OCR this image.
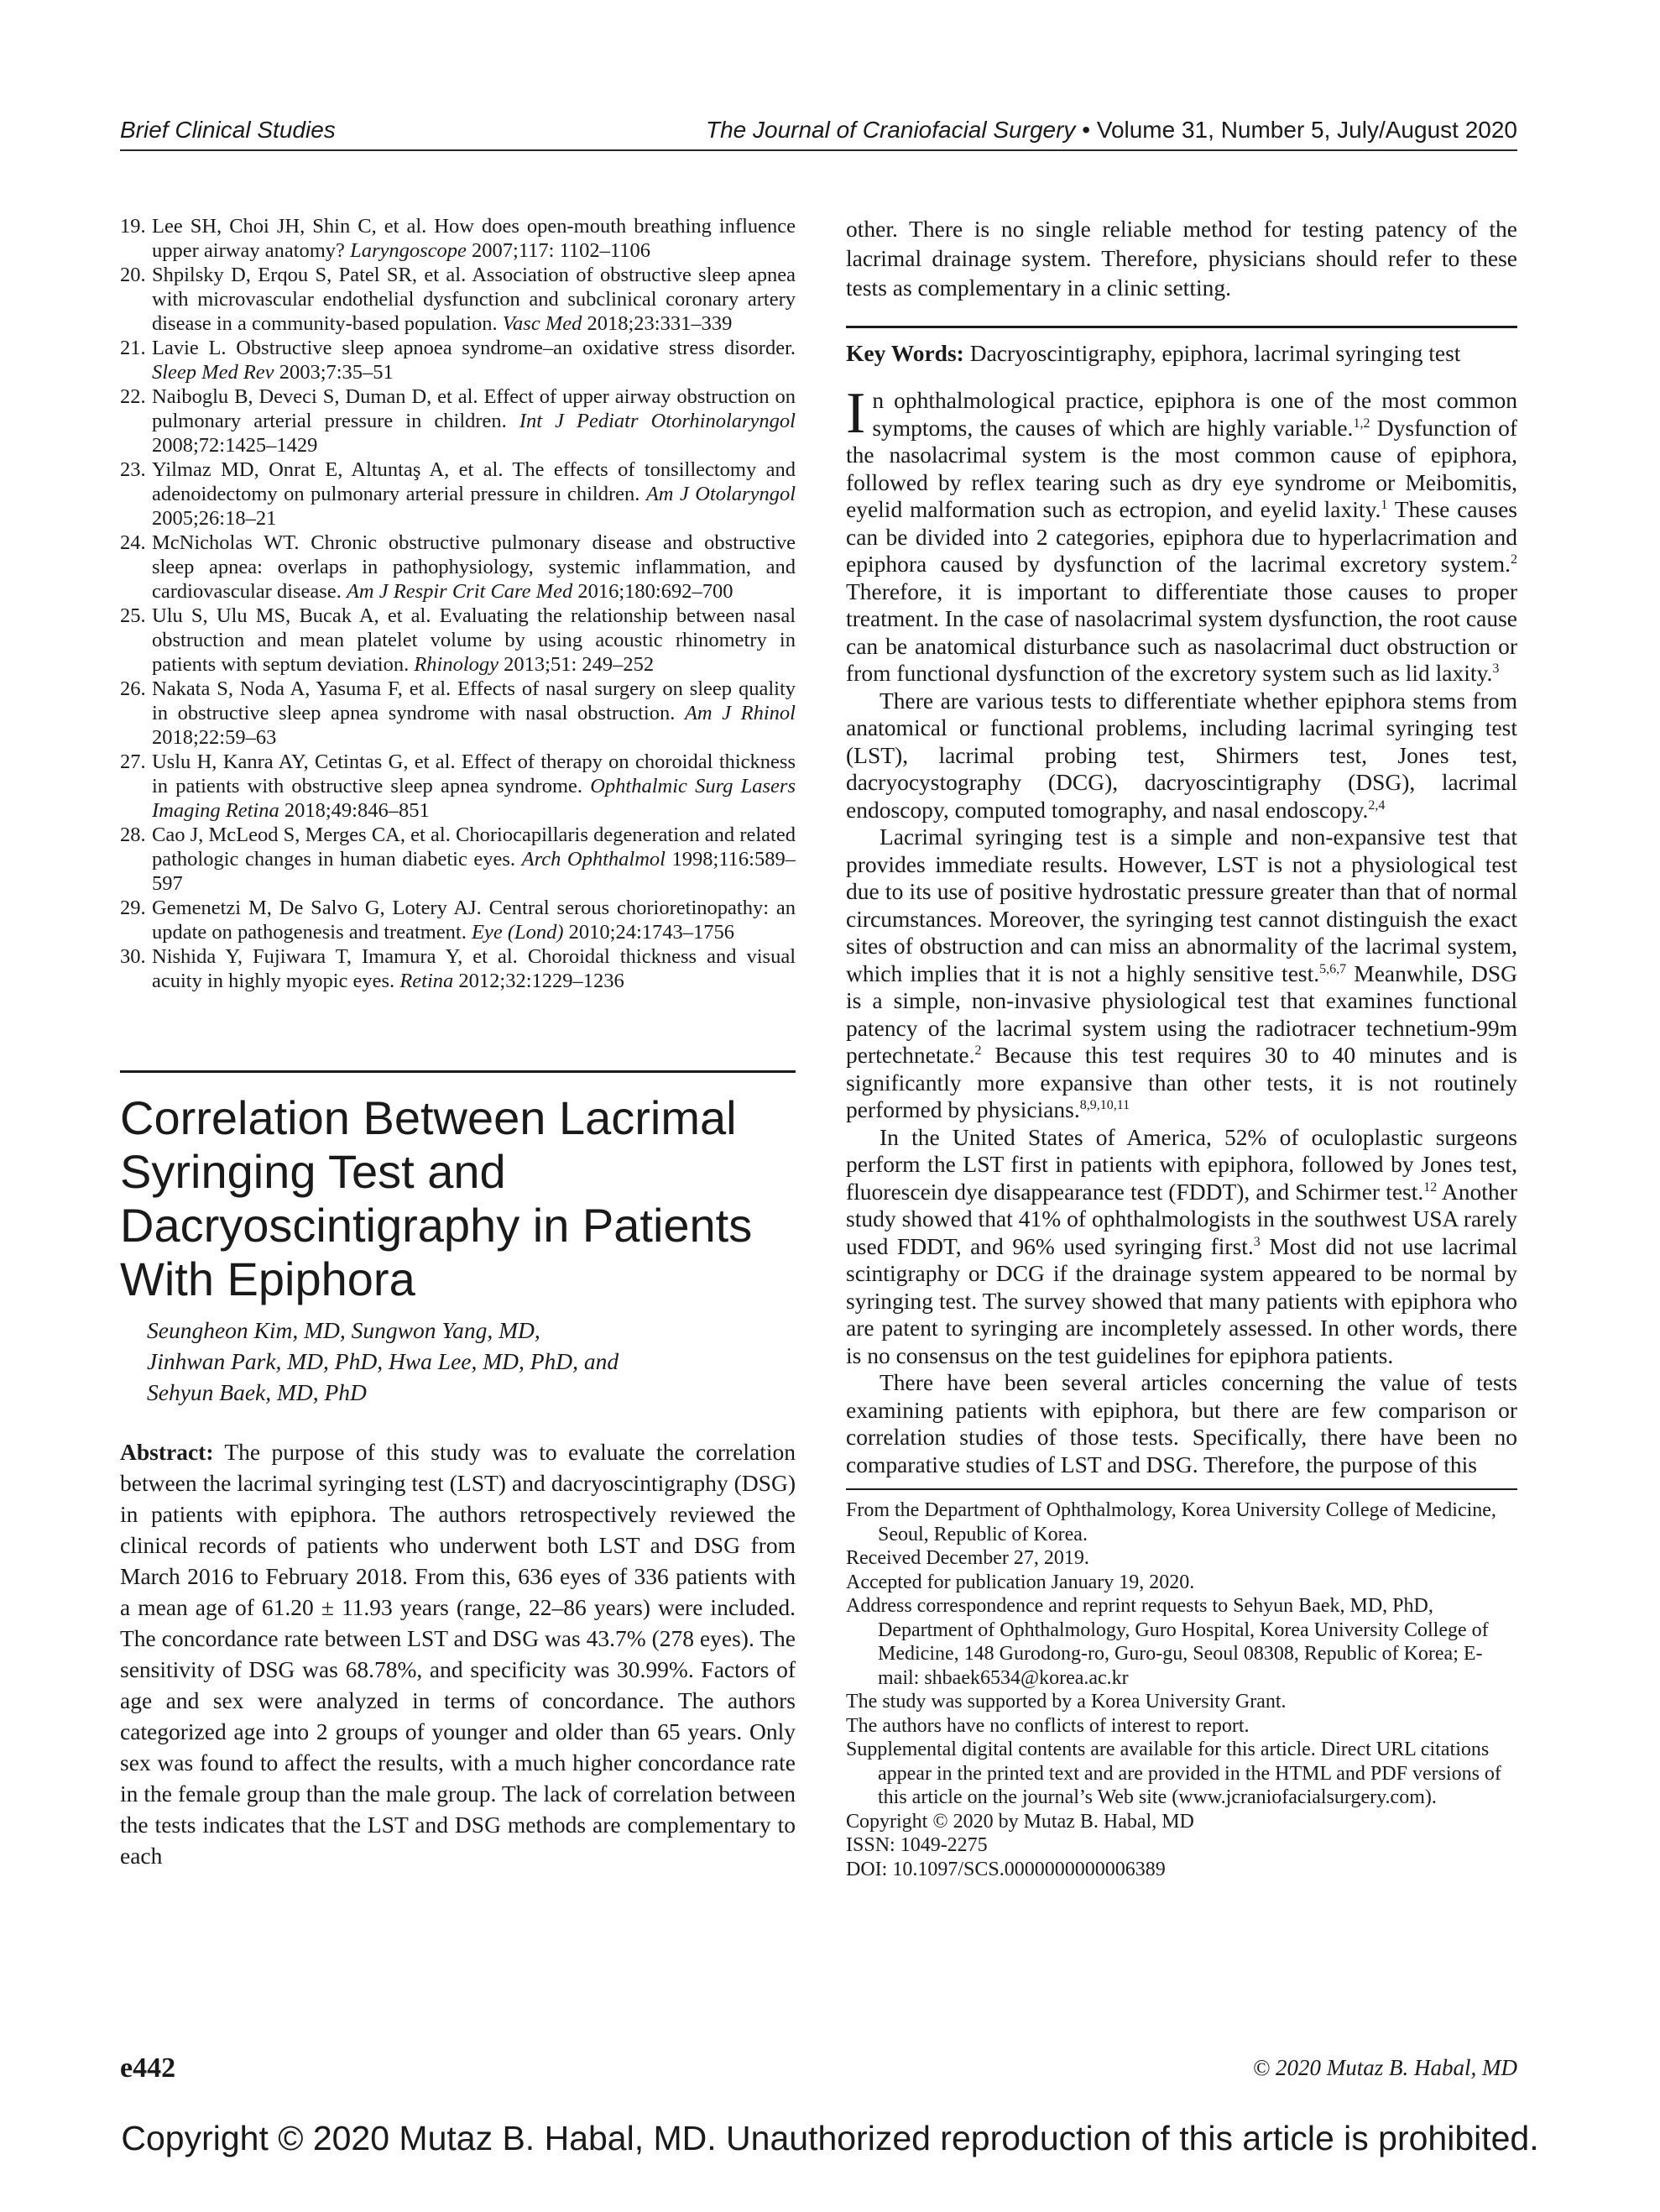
Brief Clinical Studies	The Journal of Craniofacial Surgery • Volume 31, Number 5, July/August 2020
19. Lee SH, Choi JH, Shin C, et al. How does open-mouth breathing influence upper airway anatomy? Laryngoscope 2007;117: 1102–1106
20. Shpilsky D, Erqou S, Patel SR, et al. Association of obstructive sleep apnea with microvascular endothelial dysfunction and subclinical coronary artery disease in a community-based population. Vasc Med 2018;23:331–339
21. Lavie L. Obstructive sleep apnoea syndrome–an oxidative stress disorder. Sleep Med Rev 2003;7:35–51
22. Naiboglu B, Deveci S, Duman D, et al. Effect of upper airway obstruction on pulmonary arterial pressure in children. Int J Pediatr Otorhinolaryngol 2008;72:1425–1429
23. Yilmaz MD, Onrat E, Altuntaş A, et al. The effects of tonsillectomy and adenoidectomy on pulmonary arterial pressure in children. Am J Otolaryngol 2005;26:18–21
24. McNicholas WT. Chronic obstructive pulmonary disease and obstructive sleep apnea: overlaps in pathophysiology, systemic inflammation, and cardiovascular disease. Am J Respir Crit Care Med 2016;180:692–700
25. Ulu S, Ulu MS, Bucak A, et al. Evaluating the relationship between nasal obstruction and mean platelet volume by using acoustic rhinometry in patients with septum deviation. Rhinology 2013;51: 249–252
26. Nakata S, Noda A, Yasuma F, et al. Effects of nasal surgery on sleep quality in obstructive sleep apnea syndrome with nasal obstruction. Am J Rhinol 2018;22:59–63
27. Uslu H, Kanra AY, Cetintas G, et al. Effect of therapy on choroidal thickness in patients with obstructive sleep apnea syndrome. Ophthalmic Surg Lasers Imaging Retina 2018;49:846–851
28. Cao J, McLeod S, Merges CA, et al. Choriocapillaris degeneration and related pathologic changes in human diabetic eyes. Arch Ophthalmol 1998;116:589–597
29. Gemenetzi M, De Salvo G, Lotery AJ. Central serous chorioretinopathy: an update on pathogenesis and treatment. Eye (Lond) 2010;24:1743–1756
30. Nishida Y, Fujiwara T, Imamura Y, et al. Choroidal thickness and visual acuity in highly myopic eyes. Retina 2012;32:1229–1236
Correlation Between Lacrimal Syringing Test and Dacryoscintigraphy in Patients With Epiphora
Seungheon Kim, MD, Sungwon Yang, MD,
Jinhwan Park, MD, PhD, Hwa Lee, MD, PhD, and
Sehyun Baek, MD, PhD
Abstract: The purpose of this study was to evaluate the correlation between the lacrimal syringing test (LST) and dacryoscintigraphy (DSG) in patients with epiphora. The authors retrospectively reviewed the clinical records of patients who underwent both LST and DSG from March 2016 to February 2018. From this, 636 eyes of 336 patients with a mean age of 61.20 ± 11.93 years (range, 22–86 years) were included. The concordance rate between LST and DSG was 43.7% (278 eyes). The sensitivity of DSG was 68.78%, and specificity was 30.99%. Factors of age and sex were analyzed in terms of concordance. The authors categorized age into 2 groups of younger and older than 65 years. Only sex was found to affect the results, with a much higher concordance rate in the female group than the male group. The lack of correlation between the tests indicates that the LST and DSG methods are complementary to each
other. There is no single reliable method for testing patency of the lacrimal drainage system. Therefore, physicians should refer to these tests as complementary in a clinic setting.
Key Words: Dacryoscintigraphy, epiphora, lacrimal syringing test

In ophthalmological practice, epiphora is one of the most common symptoms, the causes of which are highly variable.$^{1,2}$ Dysfunction of the nasolacrimal system is the most common cause of epiphora, followed by reflex tearing such as dry eye syndrome or Meibomitis, eyelid malformation such as ectropion, and eyelid laxity.$^1$ These causes can be divided into 2 categories, epiphora due to hyperlacrimation and epiphora caused by dysfunction of the lacrimal excretory system.$^2$ Therefore, it is important to differentiate those causes to proper treatment. In the case of nasolacrimal system dysfunction, the root cause can be anatomical disturbance such as nasolacrimal duct obstruction or from functional dysfunction of the excretory system such as lid laxity.$^3$

There are various tests to differentiate whether epiphora stems from anatomical or functional problems, including lacrimal syringing test (LST), lacrimal probing test, Shirmers test, Jones test, dacryocystography (DCG), dacryoscintigraphy (DSG), lacrimal endoscopy, computed tomography, and nasal endoscopy.$^{2,4}$

Lacrimal syringing test is a simple and non-expansive test that provides immediate results. However, LST is not a physiological test due to its use of positive hydrostatic pressure greater than that of normal circumstances. Moreover, the syringing test cannot distinguish the exact sites of obstruction and can miss an abnormality of the lacrimal system, which implies that it is not a highly sensitive test.$^{5,6,7}$ Meanwhile, DSG is a simple, non-invasive physiological test that examines functional patency of the lacrimal system using the radiotracer technetium-99m pertechnetate.$^2$ Because this test requires 30 to 40 minutes and is significantly more expansive than other tests, it is not routinely performed by physicians.$^{8,9,10,11}$

In the United States of America, 52% of oculoplastic surgeons perform the LST first in patients with epiphora, followed by Jones test, fluorescein dye disappearance test (FDDT), and Schirmer test.$^{12}$ Another study showed that 41% of ophthalmologists in the southwest USA rarely used FDDT, and 96% used syringing first.$^3$ Most did not use lacrimal scintigraphy or DCG if the drainage system appeared to be normal by syringing test. The survey showed that many patients with epiphora who are patent to syringing are incompletely assessed. In other words, there is no consensus on the test guidelines for epiphora patients.

There have been several articles concerning the value of tests examining patients with epiphora, but there are few comparison or correlation studies of those tests. Specifically, there have been no comparative studies of LST and DSG. Therefore, the purpose of this

From the Department of Ophthalmology, Korea University College of Medicine, Seoul, Republic of Korea.
Received December 27, 2019.
Accepted for publication January 19, 2020.
Address correspondence and reprint requests to Sehyun Baek, MD, PhD, Department of Ophthalmology, Guro Hospital, Korea University College of Medicine, 148 Gurodong-ro, Guro-gu, Seoul 08308, Republic of Korea; E-mail: shbaek6534@korea.ac.kr
The study was supported by a Korea University Grant.
The authors have no conflicts of interest to report.
Supplemental digital contents are available for this article. Direct URL citations appear in the printed text and are provided in the HTML and PDF versions of this article on the journal’s Web site (www.jcraniofacialsurgery.com).
Copyright © 2020 by Mutaz B. Habal, MD
ISSN: 1049-2275
DOI: 10.1097/SCS.0000000000006389
e442	© 2020 Mutaz B. Habal, MD
Copyright © 2020 Mutaz B. Habal, MD. Unauthorized reproduction of this article is prohibited.
